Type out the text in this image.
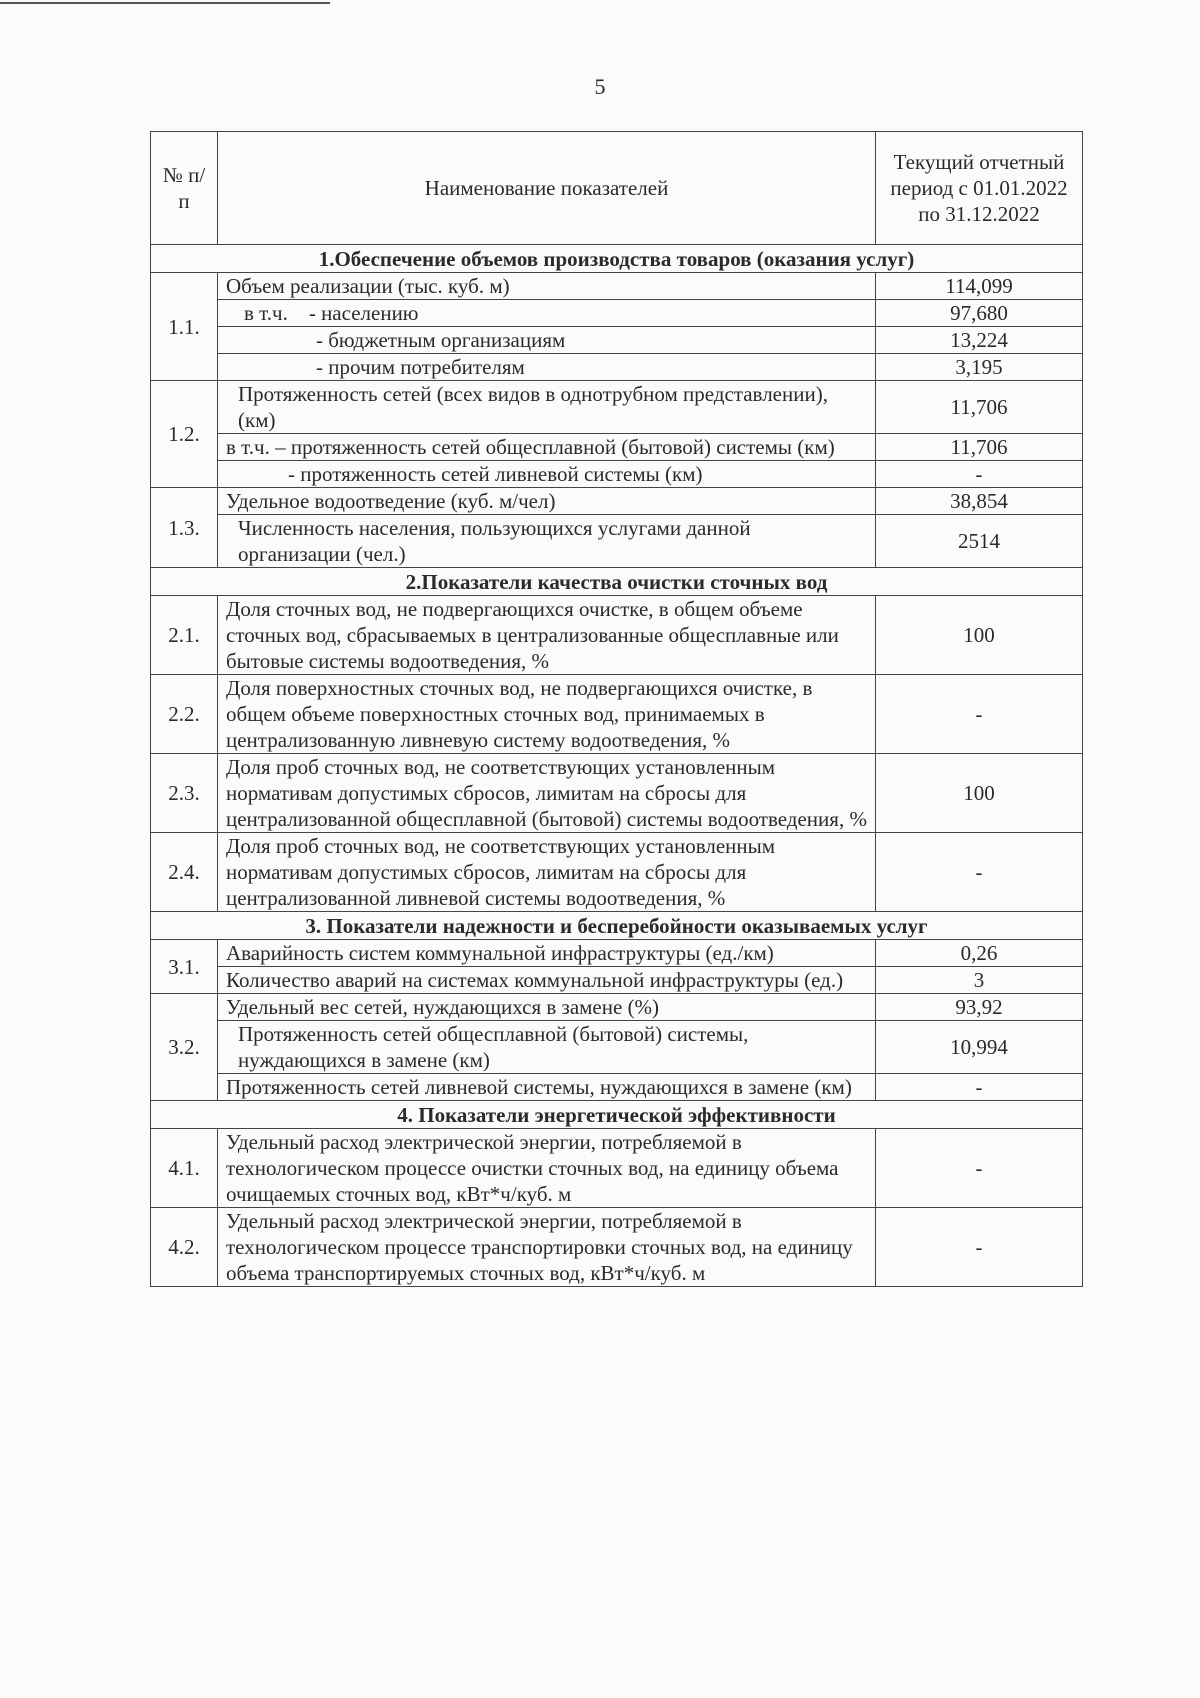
5
№ п/п	Наименование показателей	Текущий отчетный период с 01.01.2022 по 31.12.2022
1.Обеспечение объемов производства товаров (оказания услуг)		
1.1.	Объем реализации (тыс. куб. м)	114,099
	в т.ч.    - населению	97,680
	- бюджетным организациям	13,224
	- прочим потребителям	3,195
1.2.	Протяженность сетей (всех видов в однотрубном представлении), (км)	11,706
	в т.ч. – протяженность сетей общесплавной (бытовой) системы (км)	11,706
	- протяженность сетей ливневой системы (км)	-
1.3.	Удельное водоотведение (куб. м/чел)	38,854
	Численность населения, пользующихся услугами данной организации (чел.)	2514
2.Показатели качества очистки сточных вод		
2.1.	Доля сточных вод, не подвергающихся очистке, в общем объеме сточных вод, сбрасываемых в централизованные общесплавные или бытовые системы водоотведения, %	100
2.2.	Доля поверхностных сточных вод, не подвергающихся очистке, в общем объеме поверхностных сточных вод, принимаемых в централизованную ливневую систему водоотведения, %	-
2.3.	Доля проб сточных вод, не соответствующих установленным нормативам допустимых сбросов, лимитам на сбросы для централизованной общесплавной (бытовой) системы водоотведения, %	100
2.4.	Доля проб сточных вод, не соответствующих установленным нормативам допустимых сбросов, лимитам на сбросы для централизованной ливневой системы водоотведения, %	-
3. Показатели надежности и бесперебойности оказываемых услуг		
3.1.	Аварийность систем коммунальной инфраструктуры (ед./км)	0,26
	Количество аварий на системах коммунальной инфраструктуры (ед.)	3
3.2.	Удельный вес сетей, нуждающихся в замене (%)	93,92
	Протяженность сетей общесплавной (бытовой) системы, нуждающихся в замене (км)	10,994
	Протяженность сетей ливневой системы, нуждающихся в замене (км)	-
4. Показатели энергетической эффективности		
4.1.	Удельный расход электрической энергии, потребляемой в технологическом процессе очистки сточных вод, на единицу объема очищаемых сточных вод, кВт*ч/куб. м	-
4.2.	Удельный расход электрической энергии, потребляемой в технологическом процессе транспортировки сточных вод, на единицу объема транспортируемых сточных вод, кВт*ч/куб. м	-
